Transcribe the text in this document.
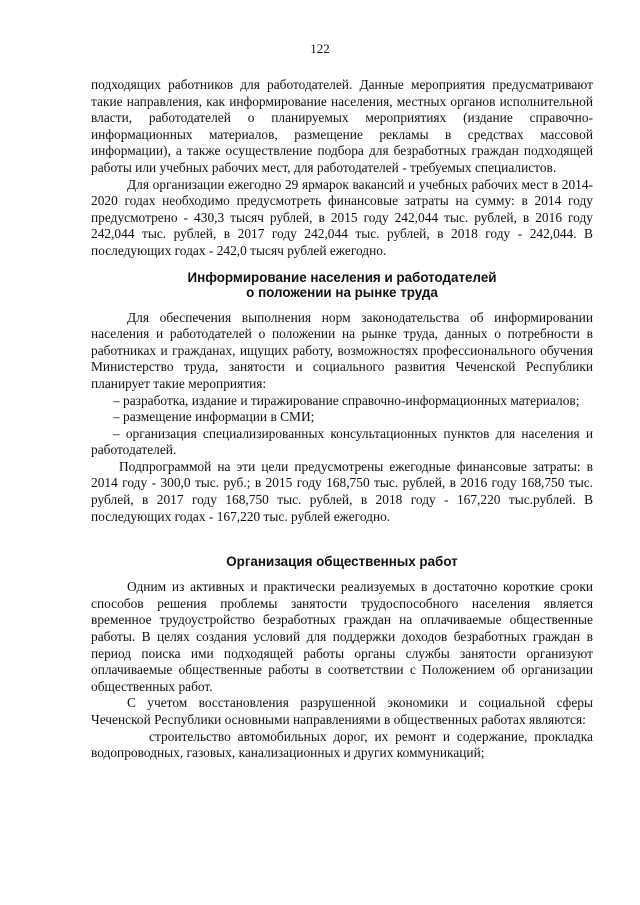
122

подходящих работников для работодателей. Данные мероприятия предусматривают такие направления, как информирование населения, местных органов исполнительной власти, работодателей о планируемых мероприятиях (издание справочно-информационных материалов, размещение рекламы в средствах массовой информации), а также осуществление подбора для безработных граждан подходящей работы или учебных рабочих мест, для работодателей - требуемых специалистов.

Для организации ежегодно 29 ярмарок вакансий и учебных рабочих мест в 2014-2020 годах необходимо предусмотреть финансовые затраты на сумму: в 2014 году предусмотрено - 430,3 тысяч рублей, в 2015 году 242,044 тыс. рублей, в 2016 году 242,044 тыс. рублей, в 2017 году 242,044 тыс. рублей, в 2018 году - 242,044. В последующих годах - 242,0 тысяч рублей ежегодно.

Информирование населения и работодателей
о положении на рынке труда

Для обеспечения выполнения норм законодательства об информировании населения и работодателей о положении на рынке труда, данных о потребности в работниках и гражданах, ищущих работу, возможностях профессионального обучения Министерство труда, занятости и социального развития Чеченской Республики планирует такие мероприятия:

– разработка, издание и тиражирование справочно-информационных материалов;

– размещение информации в СМИ;

– организация специализированных консультационных пунктов для населения и работодателей.

Подпрограммой на эти цели предусмотрены ежегодные финансовые затраты: в 2014 году - 300,0 тыс. руб.; в 2015 году 168,750 тыс. рублей, в 2016 году 168,750 тыс. рублей, в 2017 году 168,750 тыс. рублей, в 2018 году - 167,220 тыс.рублей. В последующих годах - 167,220 тыс. рублей ежегодно.

Организация общественных работ

Одним из активных и практически реализуемых в достаточно короткие сроки способов решения проблемы занятости трудоспособного населения является временное трудоустройство безработных граждан на оплачиваемые общественные работы. В целях создания условий для поддержки доходов безработных граждан в период поиска ими подходящей работы органы службы занятости организуют оплачиваемые общественные работы в соответствии с Положением об организации общественных работ.

С учетом восстановления разрушенной экономики и социальной сферы Чеченской Республики основными направлениями в общественных работах являются:

строительство автомобильных дорог, их ремонт и содержание, прокладка водопроводных, газовых, канализационных и других коммуникаций;
